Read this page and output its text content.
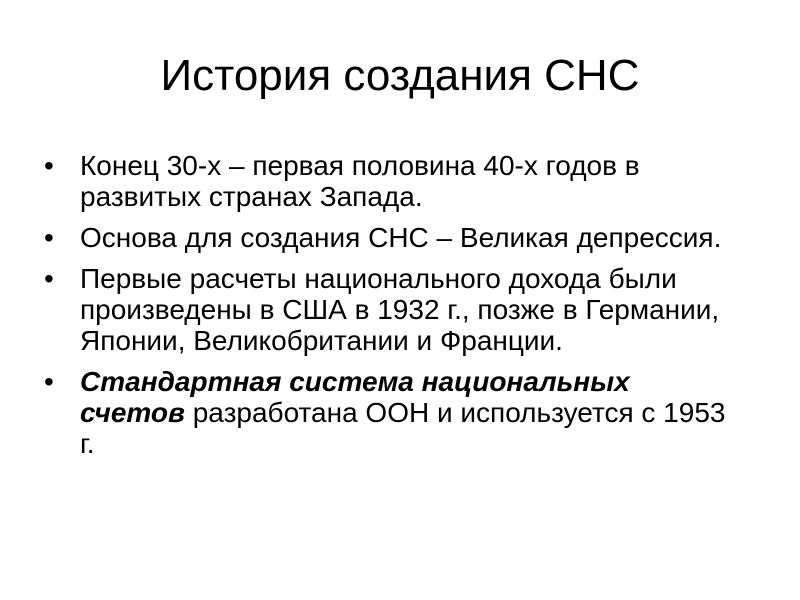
История создания СНС
• Конец 30-х – первая половина 40-х годов в развитых странах Запада.
• Основа для создания СНС – Великая депрессия.
• Первые расчеты национального дохода были произведены в США в 1932 г., позже в Германии, Японии, Великобритании и Франции.
• Стандартная система национальных счетов разработана ООН и используется с 1953 г.
